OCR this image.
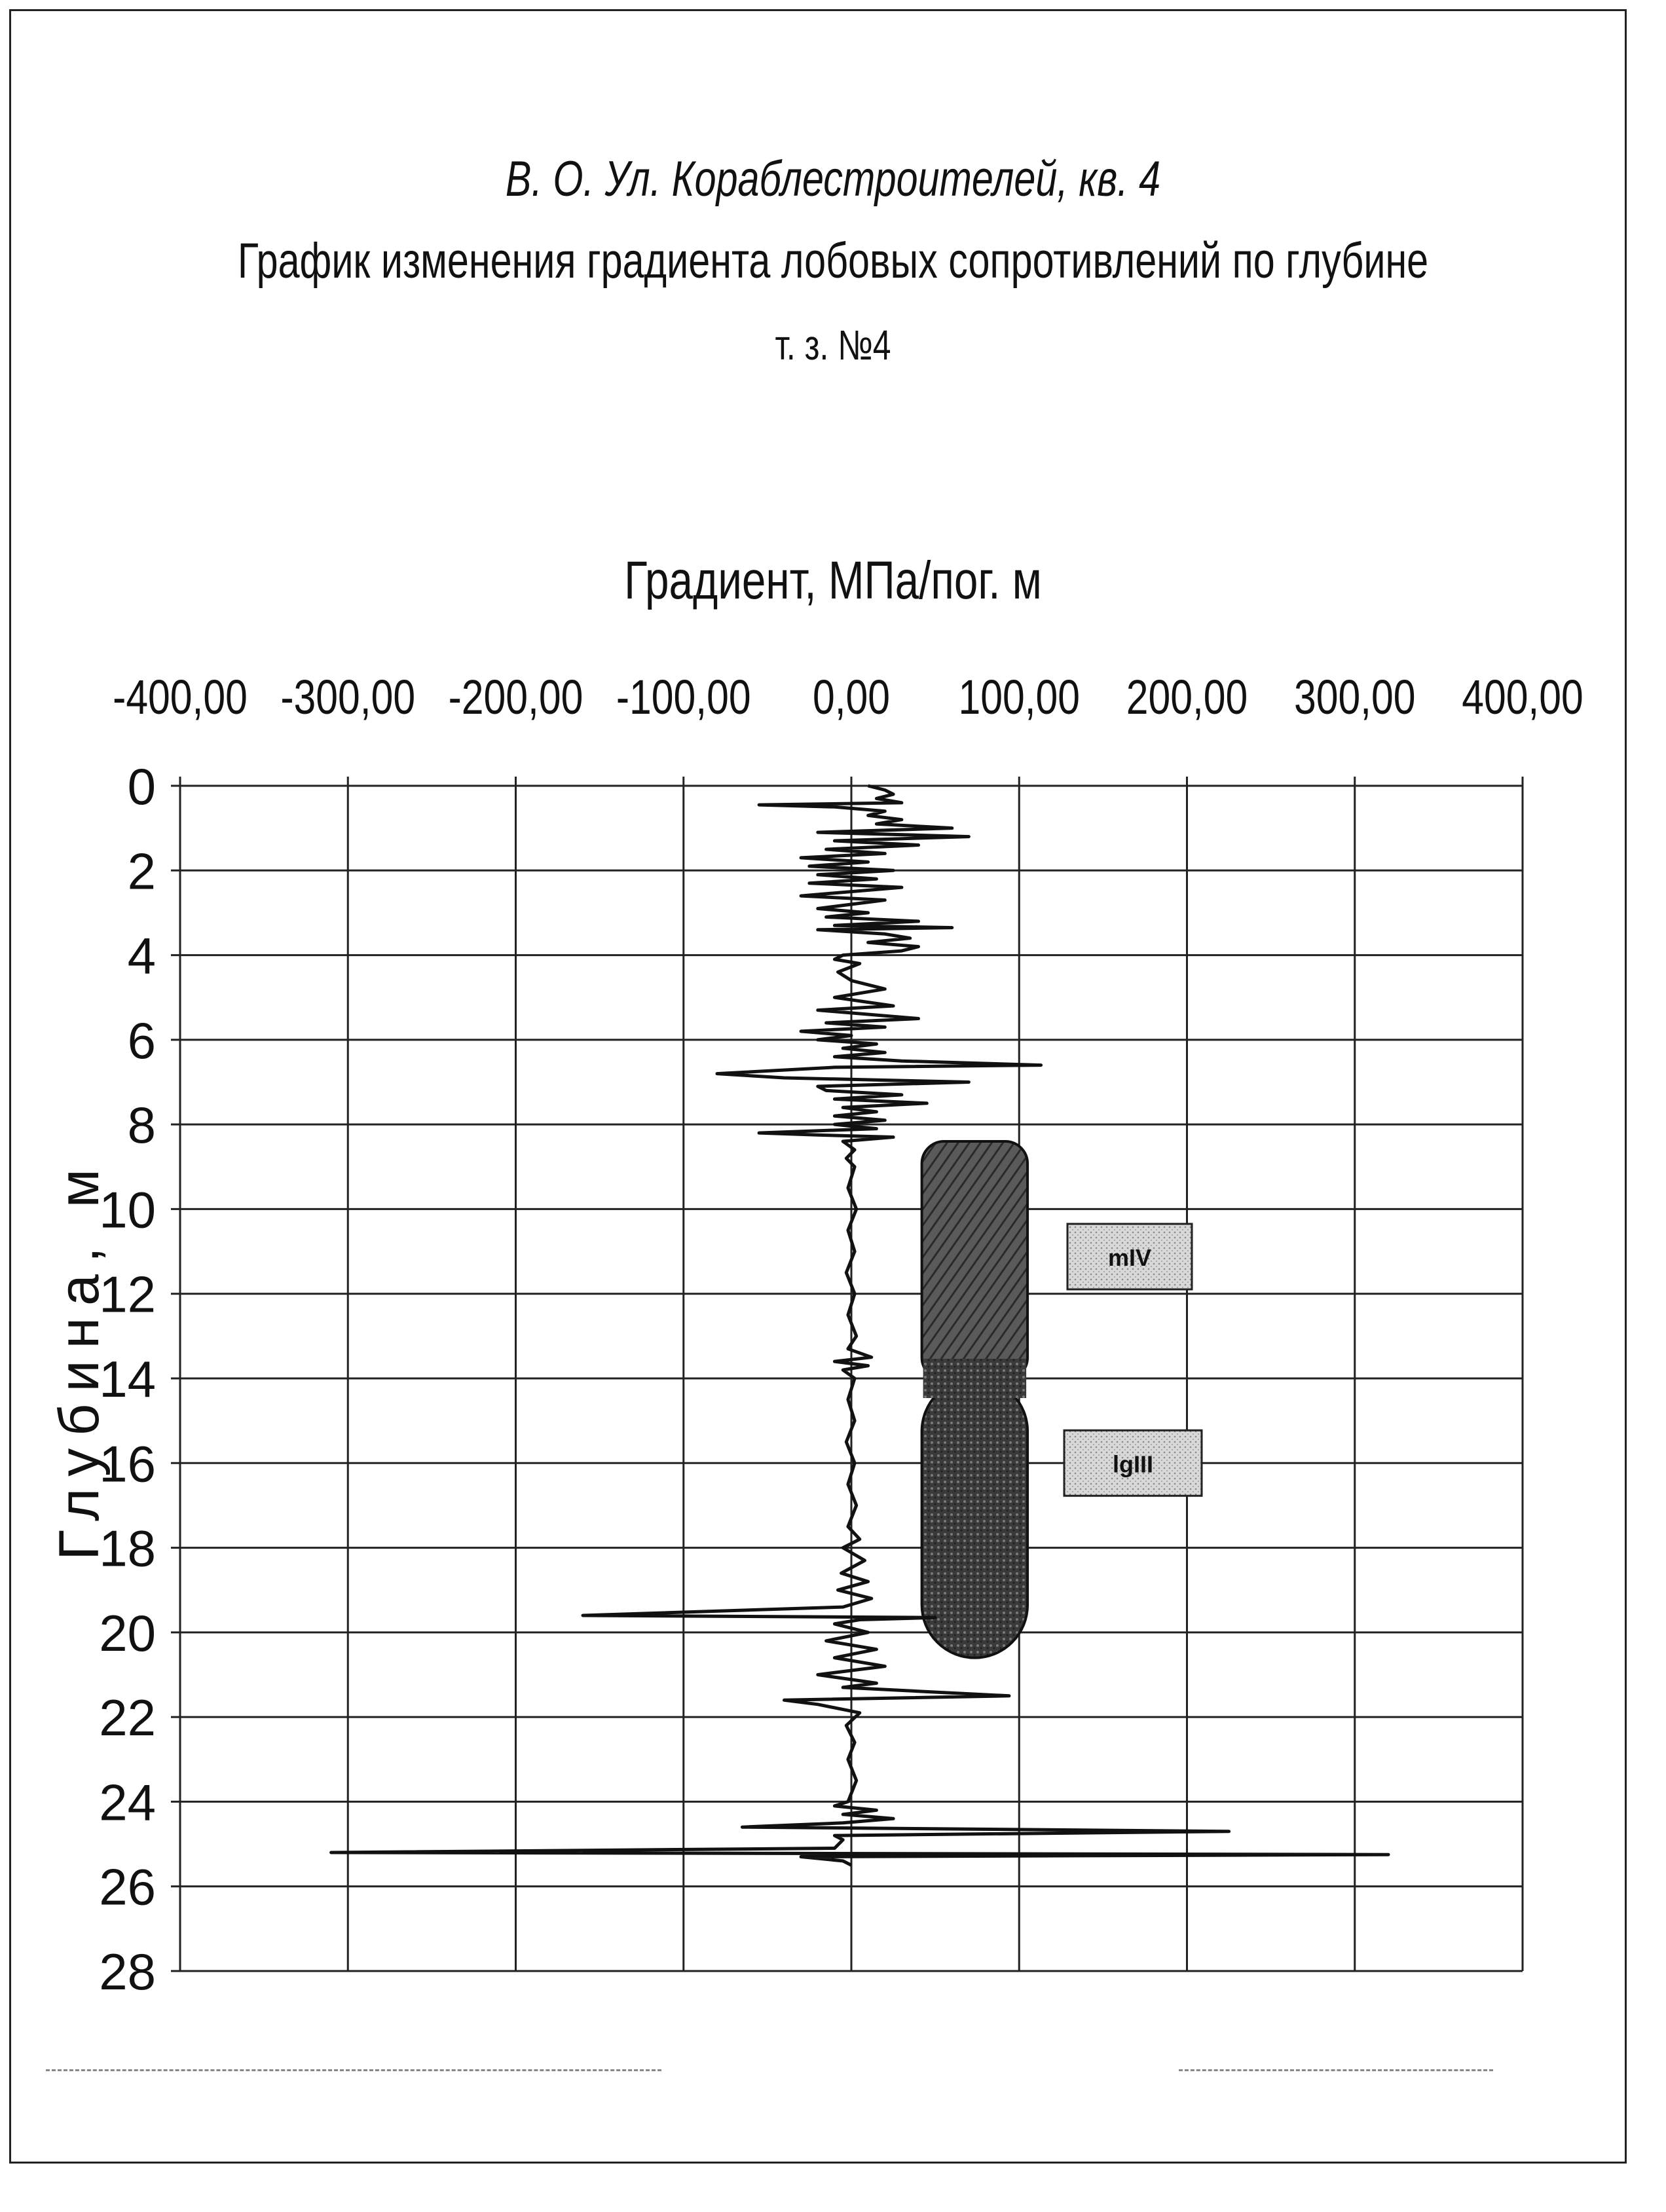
В. О. Ул. Кораблестроителей, кв. 4
График изменения градиента лобовых сопротивлений по глубине
т. з. №4
Градиент, МПа/пог. м
0
2
4
6
8
10
12
14
16
18
20
22
24
26
28
-400,00 -300,00 -200,00 -100,00 0,00 100,00 200,00 300,00 400,00
mIV
lgIII
Глубина, м
